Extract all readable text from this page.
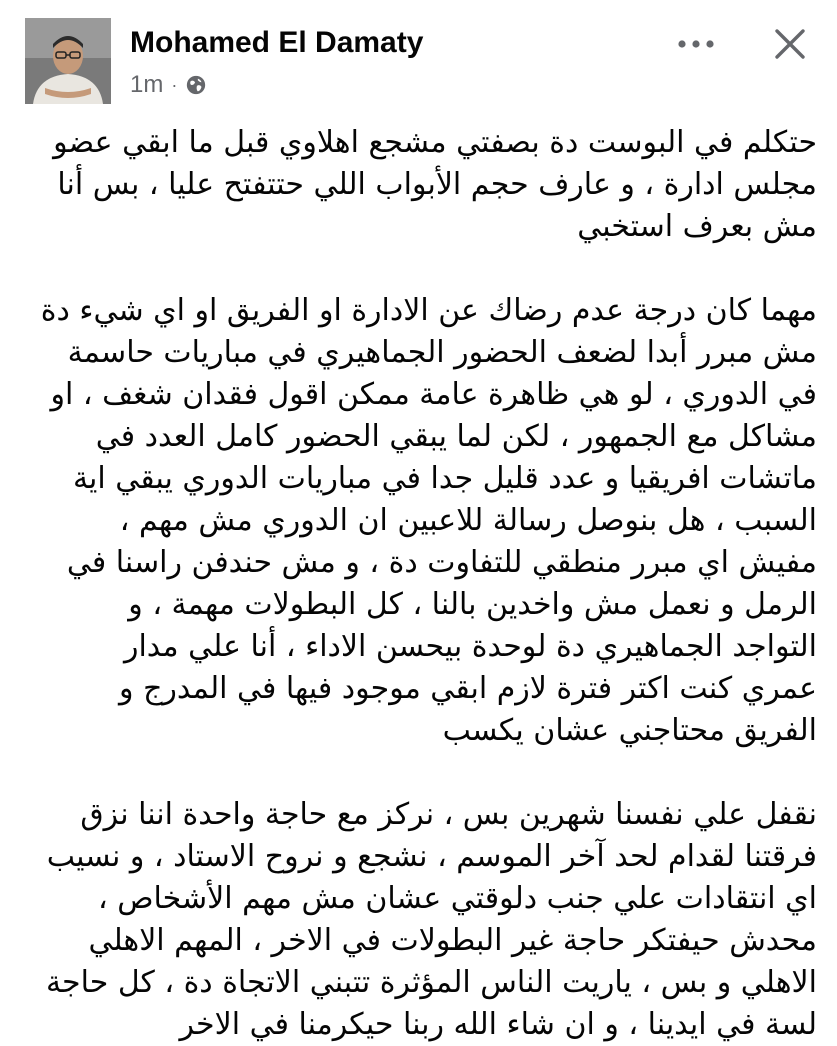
Mohamed El Damaty
1m ·

حتكلم في البوست دة بصفتي مشجع اهلاوي قبل ما ابقي عضو مجلس ادارة ، و عارف حجم الأبواب اللي حتتفتح عليا ، بس أنا مش بعرف استخبي

مهما كان درجة عدم رضاك عن الادارة او الفريق او اي شيء دة مش مبرر أبدا لضعف الحضور الجماهيري في مباريات حاسمة في الدوري ، لو هي ظاهرة عامة ممكن اقول فقدان شغف ، او مشاكل مع الجمهور ، لكن لما يبقي الحضور كامل العدد في ماتشات افريقيا و عدد قليل جدا في مباريات الدوري يبقي اية السبب ، هل بنوصل رسالة للاعبين ان الدوري مش مهم ، مفيش اي مبرر منطقي للتفاوت دة ، و مش حندفن راسنا في الرمل و نعمل مش واخدين بالنا ، كل البطولات مهمة ، و التواجد الجماهيري دة لوحدة بيحسن الاداء ، أنا علي مدار عمري كنت اكتر فترة لازم ابقي موجود فيها في المدرج و الفريق محتاجني عشان يكسب

نقفل علي نفسنا شهرين بس ، نركز مع حاجة واحدة اننا نزق فرقتنا لقدام لحد آخر الموسم ، نشجع و نروح الاستاد ، و نسيب اي انتقادات علي جنب دلوقتي عشان مش مهم الأشخاص ، محدش حيفتكر حاجة غير البطولات في الاخر ، المهم الاهلي الاهلي و بس ، ياريت الناس المؤثرة تتبني الاتجاة دة ، كل حاجة لسة في ايدينا ، و ان شاء الله ربنا حيكرمنا في الاخر
